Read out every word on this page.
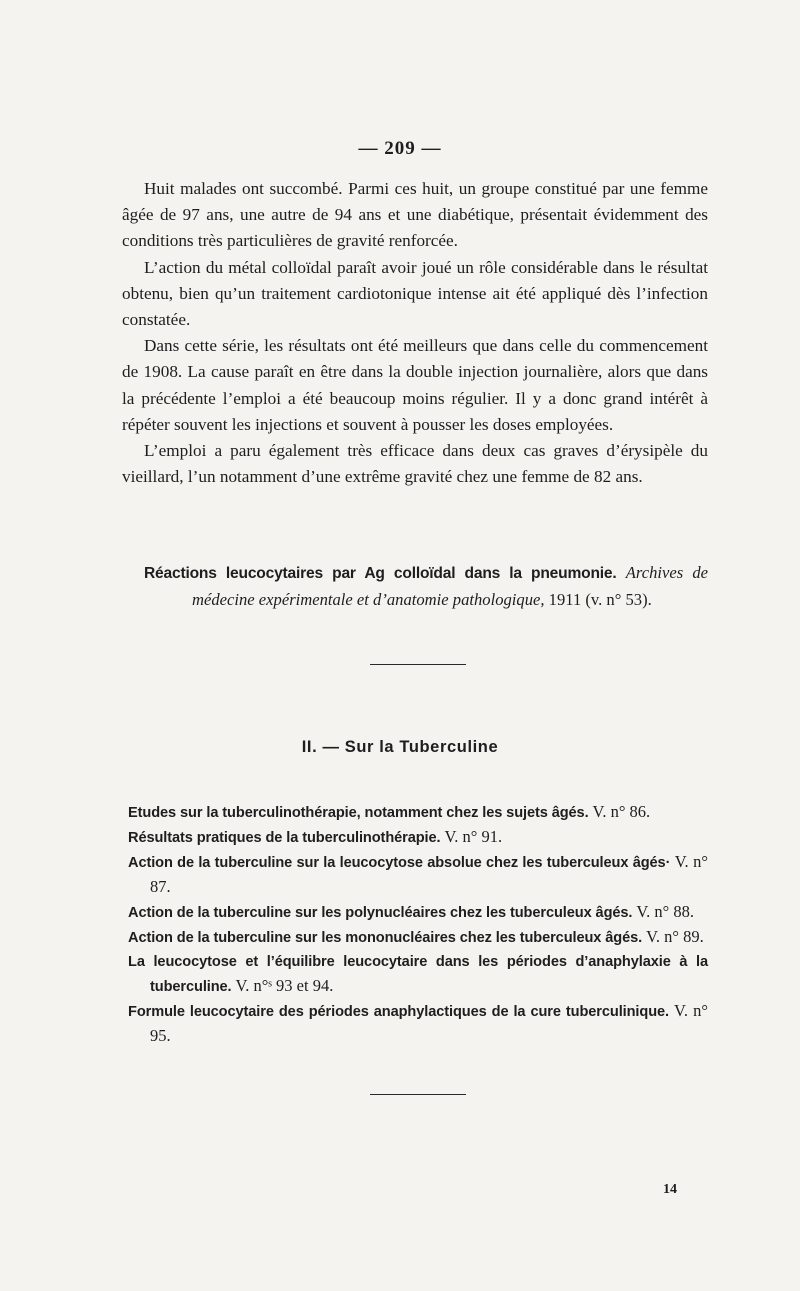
— 209 —

Huit malades ont succombé. Parmi ces huit, un groupe constitué par une femme âgée de 97 ans, une autre de 94 ans et une diabétique, présentait évidemment des conditions très particulières de gravité renforcée.

L’action du métal colloïdal paraît avoir joué un rôle considérable dans le résultat obtenu, bien qu’un traitement cardiotonique intense ait été appliqué dès l’infection constatée.

Dans cette série, les résultats ont été meilleurs que dans celle du commencement de 1908. La cause paraît en être dans la double injection journalière, alors que dans la précédente l’emploi a été beaucoup moins régulier. Il y a donc grand intérêt à répéter souvent les injections et souvent à pousser les doses employées.

L’emploi a paru également très efficace dans deux cas graves d’érysipèle du vieillard, l’un notamment d’une extrême gravité chez une femme de 82 ans.

Réactions leucocytaires par Ag colloïdal dans la pneumonie. Archives de médecine expérimentale et d’anatomie pathologique, 1911 (v. n° 53).

II. — Sur la Tuberculine

Etudes sur la tuberculinothérapie, notamment chez les sujets âgés. V. n° 86.

Résultats pratiques de la tuberculinothérapie. V. n° 91.

Action de la tuberculine sur la leucocytose absolue chez les tuberculeux âgés· V. n° 87.

Action de la tuberculine sur les polynucléaires chez les tuberculeux âgés. V. n° 88.

Action de la tuberculine sur les mononucléaires chez les tuberculeux âgés. V. n° 89.

La leucocytose et l’équilibre leucocytaire dans les périodes d’anaphylaxie à la tuberculine. V. n°ˢ 93 et 94.

Formule leucocytaire des périodes anaphylactiques de la cure tuberculinique. V. n° 95.

14
